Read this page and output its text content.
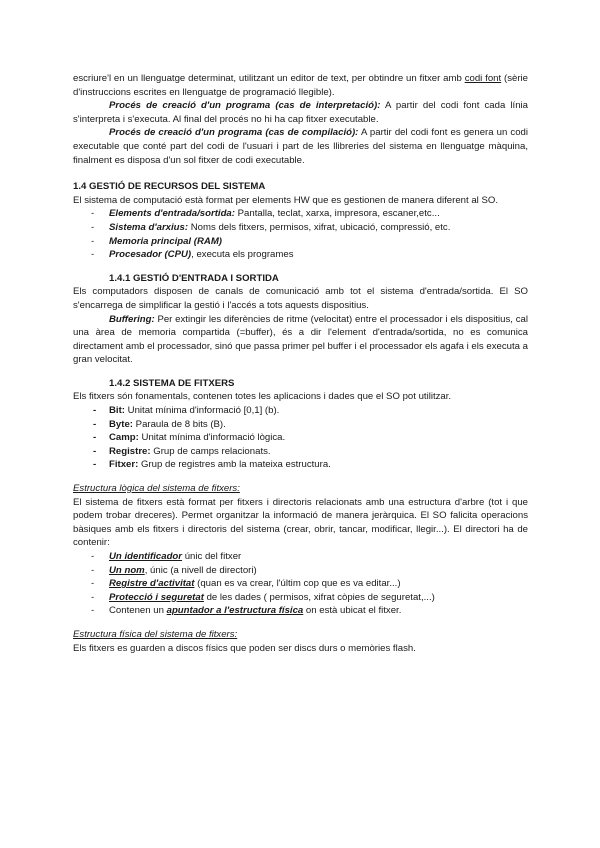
escriure'l en un llenguatge determinat, utilitzant un editor de text, per obtindre un fitxer amb codi font (sèrie d'instruccions escrites en llenguatge de programació llegible).

Procés de creació d'un programa (cas de interpretació): A partir del codi font cada línia s'interpreta i s'executa. Al final del procés no hi ha cap fitxer executable.

Procés de creació d'un programa (cas de compilació): A partir del codi font es genera un codi executable que conté part del codi de l'usuari i part de les llibreries del sistema en llenguatge màquina, finalment es disposa d'un sol fitxer de codi executable.

1.4 GESTIÓ DE RECURSOS DEL SISTEMA

El sistema de computació està format per elements HW que es gestionen de manera diferent al SO.

- Elements d'entrada/sortida: Pantalla, teclat, xarxa, impresora, escaner,etc...
- Sistema d'arxius: Noms dels fitxers, permisos, xifrat, ubicació, compressió, etc.
- Memoria principal (RAM)
- Procesador (CPU), executa els programes

1.4.1 GESTIÓ D'ENTRADA I SORTIDA

Els computadors disposen de canals de comunicació amb tot el sistema d'entrada/sortida. El SO s'encarrega de simplificar la gestió i l'accés a tots aquests dispositius.

Buffering: Per extingir les diferències de ritme (velocitat) entre el processador i els dispositius, cal una àrea de memoria compartida (=buffer), és a dir l'element d'entrada/sortida, no es comunica directament amb el processador, sinó que passa primer pel buffer i el processador els agafa i els executa a gran velocitat.

1.4.2 SISTEMA DE FITXERS

Els fitxers són fonamentals, contenen totes les aplicacions i dades que el SO pot utilitzar.

- Bit: Unitat mínima d'informació [0,1] (b).
- Byte: Paraula de 8 bits (B).
- Camp: Unitat mínima d'informació lògica.
- Registre: Grup de camps relacionats.
- Fitxer: Grup de registres amb la mateixa estructura.

Estructura lògica del sistema de fitxers:

El sistema de fitxers està format per fitxers i directoris relacionats amb una estructura d'arbre (tot i que podem trobar dreceres). Permet organitzar la informació de manera jeràrquica. El SO falicita operacions bàsiques amb els fitxers i directoris del sistema (crear, obrir, tancar, modificar, llegir...). El directori ha de contenir:

- Un identificador únic del fitxer
- Un nom, únic (a nivell de directori)
- Registre d'activitat (quan es va crear, l'últim cop que es va editar...)
- Protecció i seguretat de les dades ( permisos, xifrat còpies de seguretat,...)
- Contenen un apuntador a l'estructura física on està ubicat el fitxer.

Estructura física del sistema de fitxers:

Els fitxers es guarden a discos físics que poden ser discs durs o memòries flash.
